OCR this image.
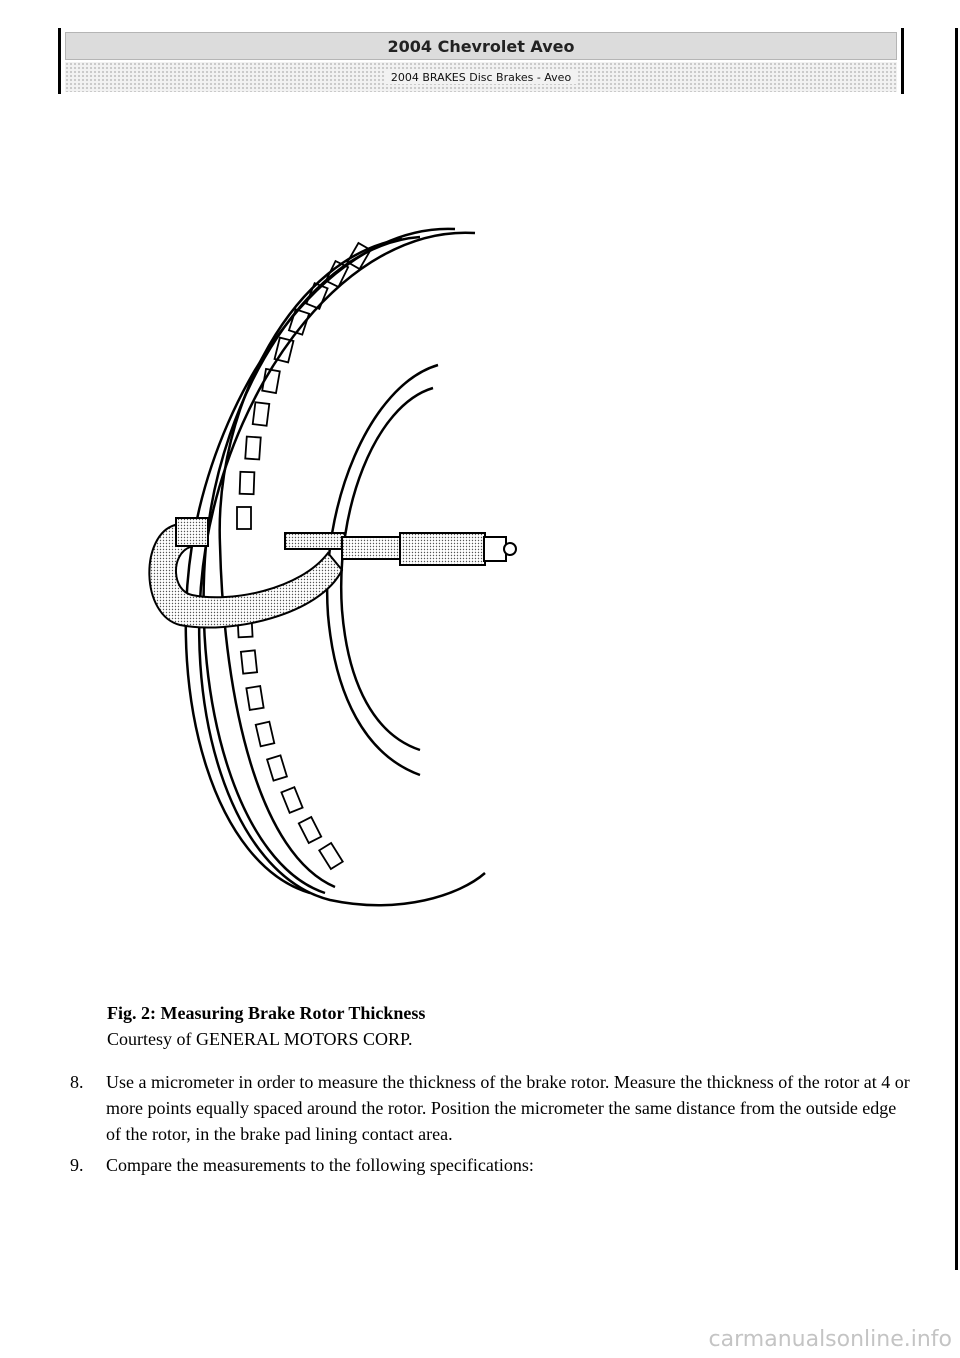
2004 Chevrolet Aveo
2004 BRAKES Disc Brakes - Aveo
Fig. 2: Measuring Brake Rotor Thickness
Courtesy of GENERAL MOTORS CORP.
8.	Use a micrometer in order to measure the thickness of the brake rotor. Measure the thickness of the rotor at 4 or more points equally spaced around the rotor. Position the micrometer the same distance from the outside edge of the rotor, in the brake pad lining contact area.
9.	Compare the measurements to the following specifications:
carmanualsonline.info
